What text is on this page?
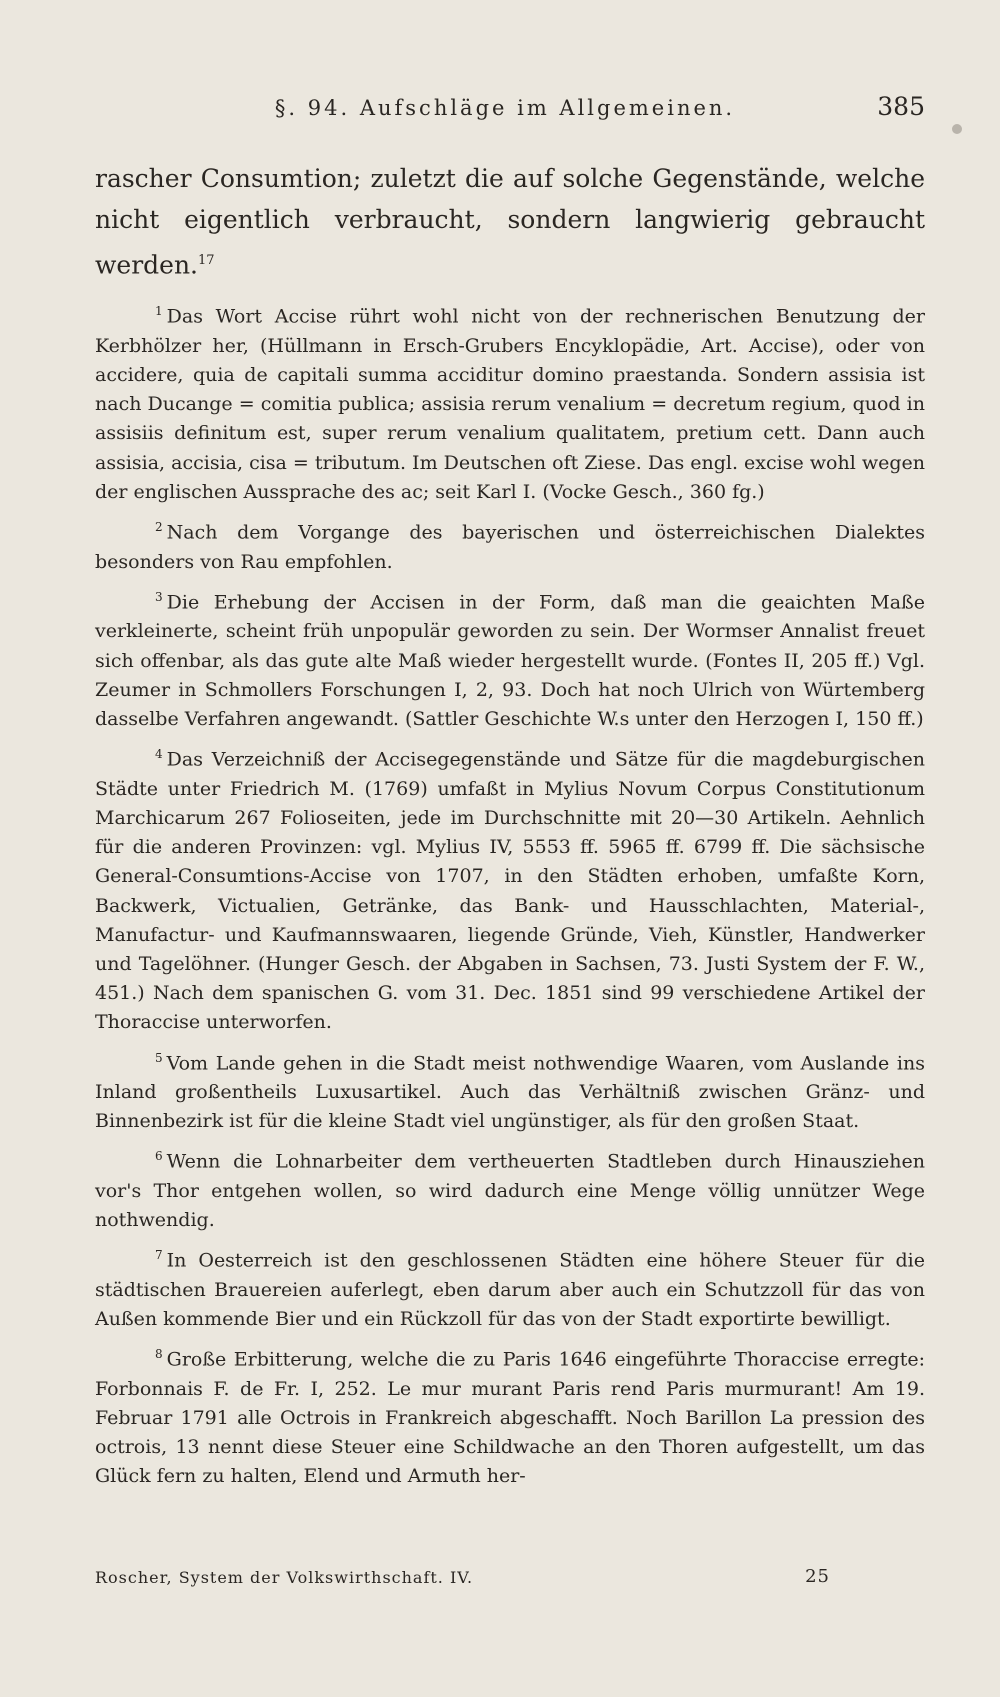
§. 94. Aufschläge im Allgemeinen.	385

rascher Consumtion; zuletzt die auf solche Gegenstände, welche nicht eigentlich verbraucht, sondern langwierig gebraucht werden.$^{17}$

$^1$ Das Wort Accise rührt wohl nicht von der rechnerischen Benutzung der Kerbhölzer her, (Hüllmann in Ersch-Grubers Encyklopädie, Art. Accise), oder von accidere, quia de capitali summa acciditur domino praestanda. Sondern assisia ist nach Ducange = comitia publica; assisia rerum venalium = decretum regium, quod in assisiis definitum est, super rerum venalium qualitatem, pretium cett. Dann auch assisia, accisia, cisa = tributum. Im Deutschen oft Ziese. Das engl. excise wohl wegen der englischen Aussprache des ac; seit Karl I. (Vocke Gesch., 360 fg.)

$^2$ Nach dem Vorgange des bayerischen und österreichischen Dialektes besonders von Rau empfohlen.

$^3$ Die Erhebung der Accisen in der Form, daß man die geaichten Maße verkleinerte, scheint früh unpopulär geworden zu sein. Der Wormser Annalist freuet sich offenbar, als das gute alte Maß wieder hergestellt wurde. (Fontes II, 205 ff.) Vgl. Zeumer in Schmollers Forschungen I, 2, 93. Doch hat noch Ulrich von Würtemberg dasselbe Verfahren angewandt. (Sattler Geschichte W.s unter den Herzogen I, 150 ff.)

$^4$ Das Verzeichniß der Accisegegenstände und Sätze für die magdeburgischen Städte unter Friedrich M. (1769) umfaßt in Mylius Novum Corpus Constitutionum Marchicarum 267 Folioseiten, jede im Durchschnitte mit 20—30 Artikeln. Aehnlich für die anderen Provinzen: vgl. Mylius IV, 5553 ff. 5965 ff. 6799 ff. Die sächsische General-Consumtions-Accise von 1707, in den Städten erhoben, umfaßte Korn, Backwerk, Victualien, Getränke, das Bank- und Hausschlachten, Material-, Manufactur- und Kaufmannswaaren, liegende Gründe, Vieh, Künstler, Handwerker und Tagelöhner. (Hunger Gesch. der Abgaben in Sachsen, 73. Justi System der F. W., 451.) Nach dem spanischen G. vom 31. Dec. 1851 sind 99 verschiedene Artikel der Thoraccise unterworfen.

$^5$ Vom Lande gehen in die Stadt meist nothwendige Waaren, vom Auslande ins Inland großentheils Luxusartikel. Auch das Verhältniß zwischen Gränz- und Binnenbezirk ist für die kleine Stadt viel ungünstiger, als für den großen Staat.

$^6$ Wenn die Lohnarbeiter dem vertheuerten Stadtleben durch Hinausziehen vor's Thor entgehen wollen, so wird dadurch eine Menge völlig unnützer Wege nothwendig.

$^7$ In Oesterreich ist den geschlossenen Städten eine höhere Steuer für die städtischen Brauereien auferlegt, eben darum aber auch ein Schutzzoll für das von Außen kommende Bier und ein Rückzoll für das von der Stadt exportirte bewilligt.

$^8$ Große Erbitterung, welche die zu Paris 1646 eingeführte Thoraccise erregte: Forbonnais F. de Fr. I, 252. Le mur murant Paris rend Paris murmurant! Am 19. Februar 1791 alle Octrois in Frankreich abgeschafft. Noch Barillon La pression des octrois, 13 nennt diese Steuer eine Schildwache an den Thoren aufgestellt, um das Glück fern zu halten, Elend und Armuth her-

Roscher, System der Volkswirthschaft. IV.	25
